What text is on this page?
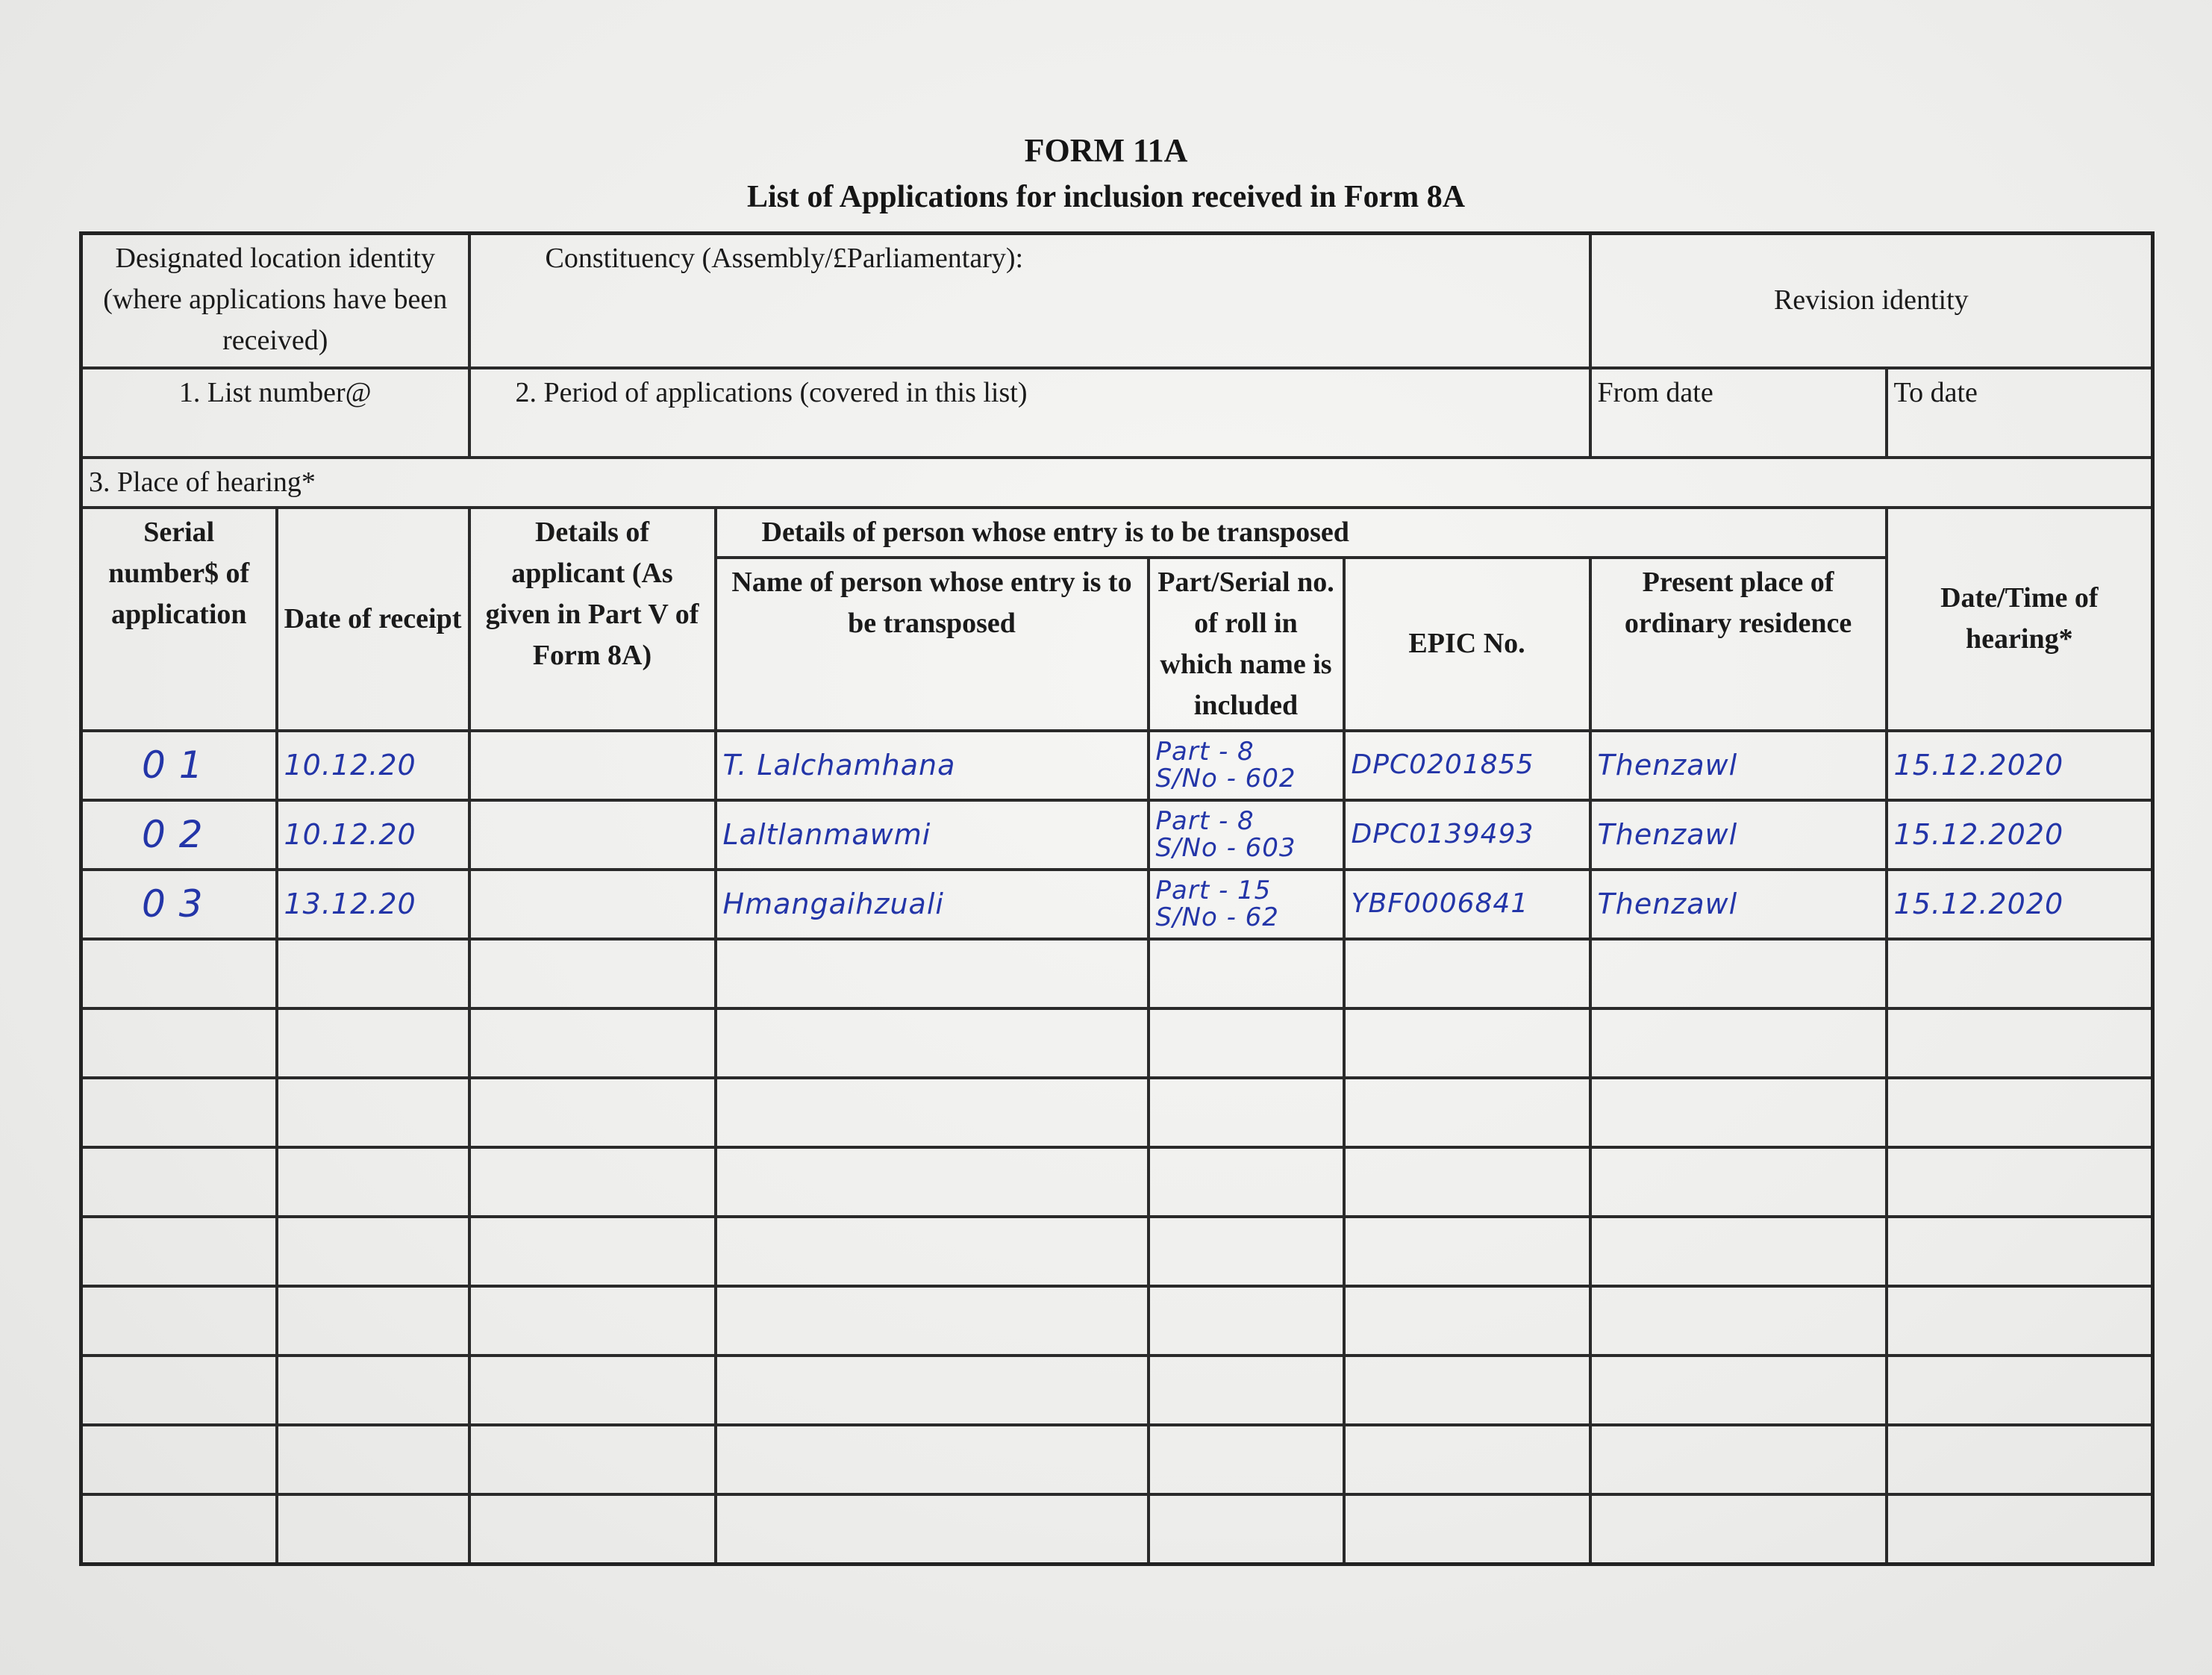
FORM 11A
List of Applications for inclusion received in Form 8A
Designated location identity (where applications have been received)		Constituency (Assembly/£Parliamentary):				Revision identity	
1. List number@		2. Period of applications (covered in this list)				From date	To date
3. Place of hearing*							
Serial number$ of application	Date of receipt	Details of applicant (As given in Part V of Form 8A)	Details of person whose entry is to be transposed				Date/Time of hearing*
			Name of person whose entry is to be transposed	Part/Serial no. of roll in which name is included	EPIC No.	Present place of ordinary residence	
01	10.12.20		T. Lalchamhana	Part - 8
S/No - 602	DPC0201855	Thenzawl	15.12.2020
02	10.12.20		Laltlanmawmi	Part - 8
S/No - 603	DPC0139493	Thenzawl	15.12.2020
03	13.12.20		Hmangaihzuali	Part - 15
S/No - 62	YBF0006841	Thenzawl	15.12.2020
